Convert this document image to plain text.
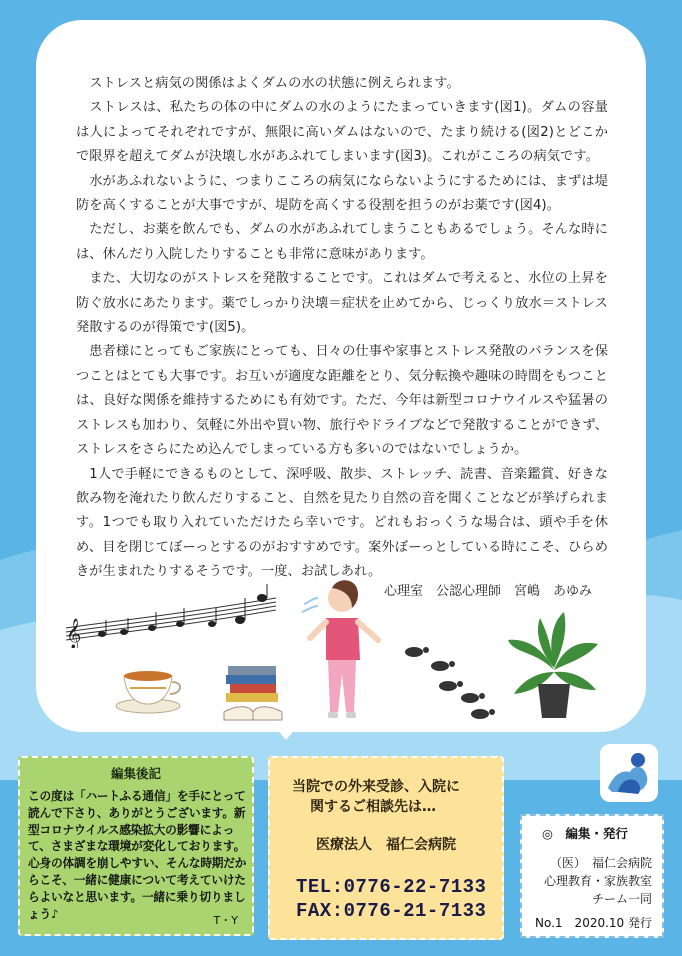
ストレスと病気の関係はよくダムの水の状態に例えられます。

ストレスは、私たちの体の中にダムの水のようにたまっていきます(図1)。ダムの容量は人によってそれぞれですが、無限に高いダムはないので、たまり続ける(図2)とどこかで限界を超えてダムが決壊し水があふれてしまいます(図3)。これがこころの病気です。

水があふれないように、つまりこころの病気にならないようにするためには、まずは堤防を高くすることが大事ですが、堤防を高くする役割を担うのがお薬です(図4)。

ただし、お薬を飲んでも、ダムの水があふれてしまうこともあるでしょう。そんな時には、休んだり入院したりすることも非常に意味があります。

また、大切なのがストレスを発散することです。これはダムで考えると、水位の上昇を防ぐ放水にあたります。薬でしっかり決壊＝症状を止めてから、じっくり放水＝ストレス発散するのが得策です(図5)。

患者様にとってもご家族にとっても、日々の仕事や家事とストレス発散のバランスを保つことはとても大事です。お互いが適度な距離をとり、気分転換や趣味の時間をもつことは、良好な関係を維持するためにも有効です。ただ、今年は新型コロナウイルスや猛暑のストレスも加わり、気軽に外出や買い物、旅行やドライブなどで発散することができず、ストレスをさらにため込んでしまっている方も多いのではないでしょうか。

1人で手軽にできるものとして、深呼吸、散歩、ストレッチ、読書、音楽鑑賞、好きな飲み物を淹れたり飲んだりすること、自然を見たり自然の音を聞くことなどが挙げられます。1つでも取り入れていただけたら幸いです。どれもおっくうな場合は、頭や手を休め、目を閉じてぼーっとするのがおすすめです。案外ぼーっとしている時にこそ、ひらめきが生まれたりするそうです。一度、お試しあれ。

心理室　公認心理師　宮嶋　あゆみ
𝄞
編集後記
この度は「ハートふる通信」を手にとって読んで下さり、ありがとうございます。新型コロナウイルス感染拡大の影響によって、さまざまな環境が変化しております。心身の体調を崩しやすい、そんな時期だからこそ、一緒に健康について考えていけたらよいなと思います。一緒に乗り切りましょう♪	T・Y
当院での外来受診、入院に
関するご相談先は…
医療法人　福仁会病院
TEL:0776-22-7133
FAX:0776-21-7133
◎　編集・発行
（医）　福仁会病院
心理教育・家族教室
チーム一同
No.1　2020.10 発行
